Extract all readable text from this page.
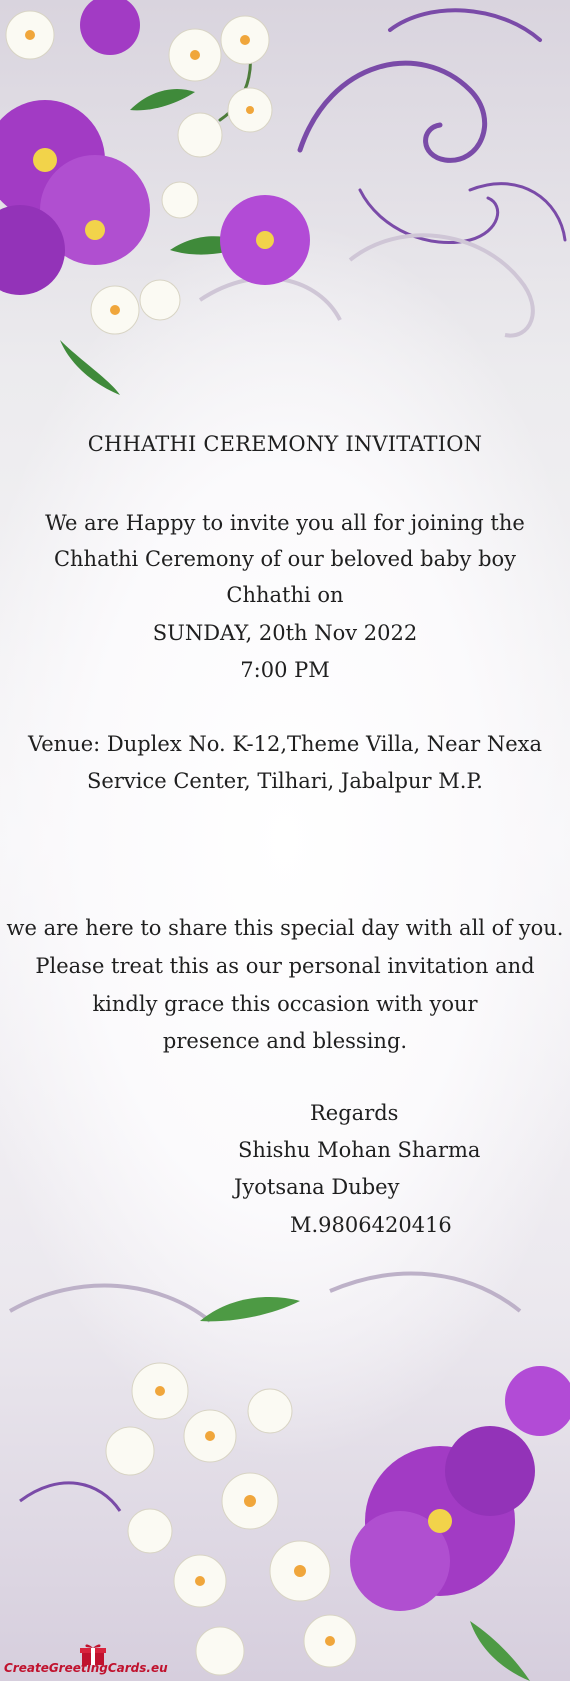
CHHATHI CEREMONY INVITATION
We are Happy to invite you all for joining the
Chhathi Ceremony of our beloved baby boy
Chhathi on
SUNDAY, 20th Nov 2022
7:00 PM
Venue: Duplex No. K-12,Theme Villa, Near Nexa
Service Center, Tilhari, Jabalpur M.P.
we are here to share this special day with all of you.
Please treat this as our personal invitation and
kindly grace this occasion with your
presence and blessing.
Regards
Shishu Mohan Sharma
Jyotsana Dubey
M.9806420416
CreateGreetingCards.eu
